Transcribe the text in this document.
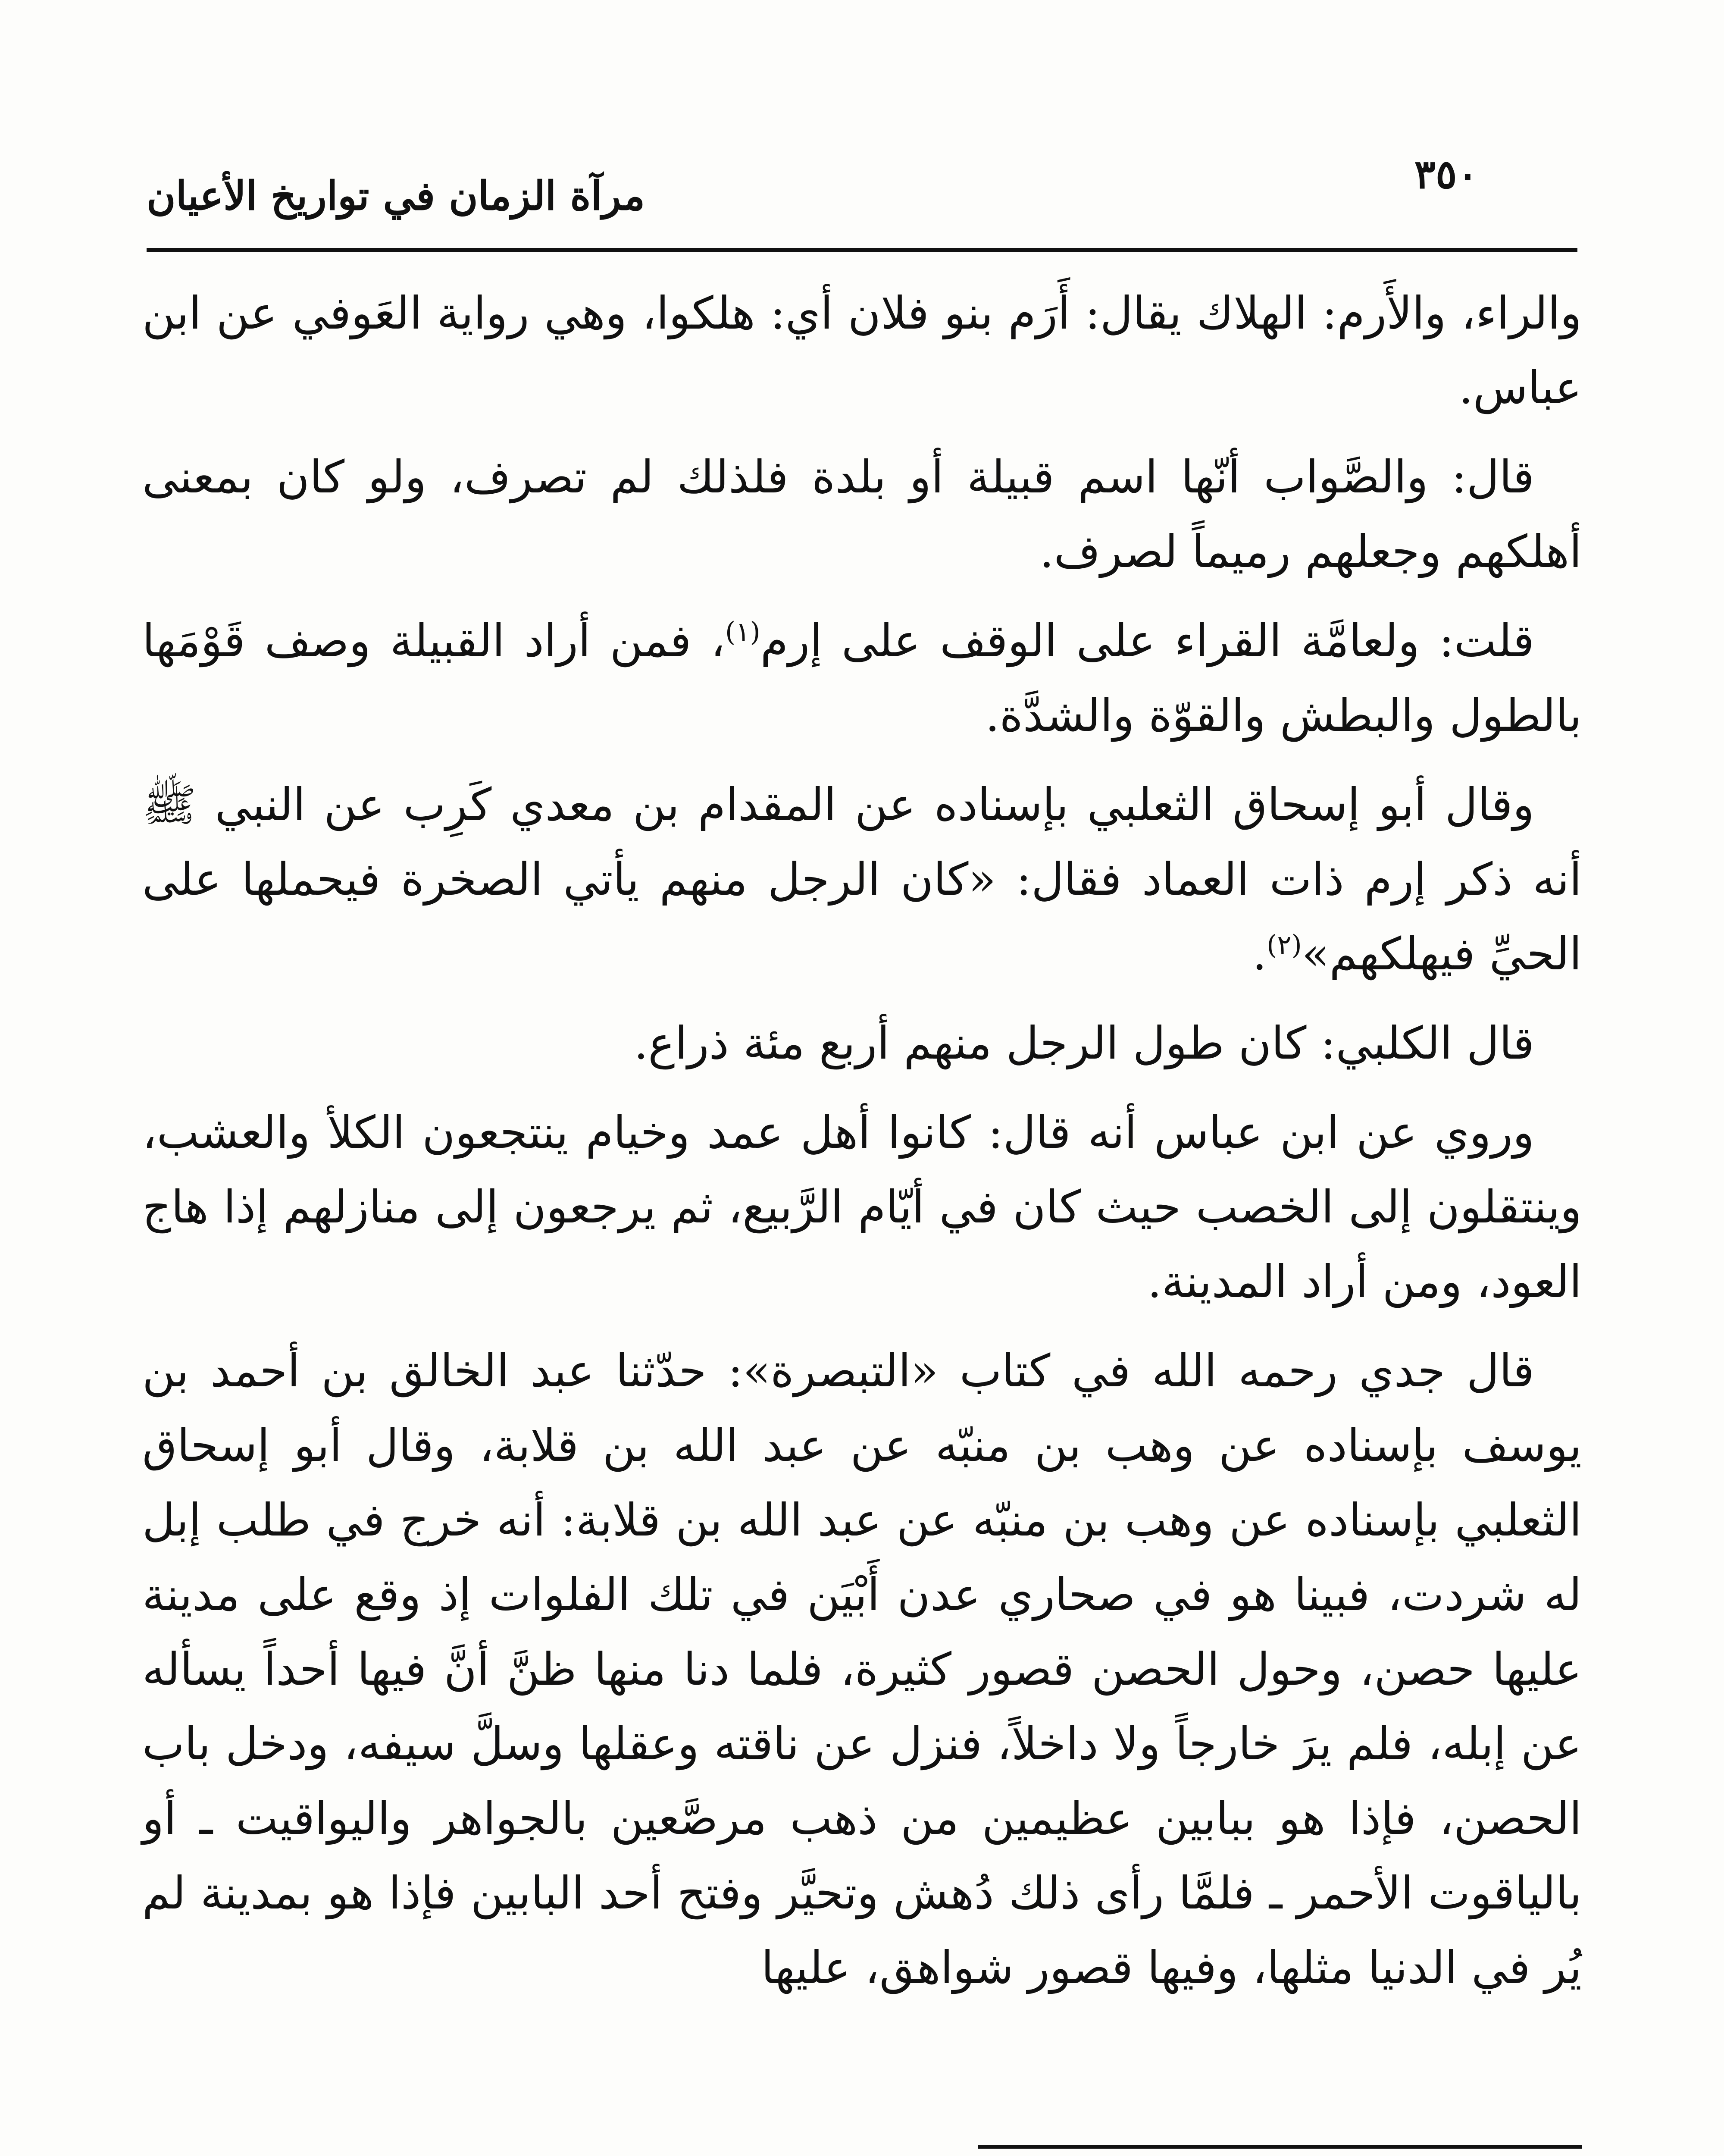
٣٥٠
مرآة الزمان في تواريخ الأعيان

والراء، والأَرم: الهلاك يقال: أَرَم بنو فلان أي: هلكوا، وهي رواية العَوفي عن ابن عباس.

قال: والصَّواب أنّها اسم قبيلة أو بلدة فلذلك لم تصرف، ولو كان بمعنى أهلكهم وجعلهم رميماً لصرف.

قلت: ولعامَّة القراء على الوقف على إرم$^{(١)}$، فمن أراد القبيلة وصف قَوْمَها بالطول والبطش والقوّة والشدَّة.

وقال أبو إسحاق الثعلبي بإسناده عن المقدام بن معدي كَرِب عن النبي ﷺ أنه ذكر إرم ذات العماد فقال: «كان الرجل منهم يأتي الصخرة فيحملها على الحيِّ فيهلكهم»$^{(٢)}$.

قال الكلبي: كان طول الرجل منهم أربع مئة ذراع.

وروي عن ابن عباس أنه قال: كانوا أهل عمد وخيام ينتجعون الكلأ والعشب، وينتقلون إلى الخصب حيث كان في أيّام الرَّبيع، ثم يرجعون إلى منازلهم إذا هاج العود، ومن أراد المدينة.

قال جدي رحمه الله في كتاب «التبصرة»: حدّثنا عبد الخالق بن أحمد بن يوسف بإسناده عن وهب بن منبّه عن عبد الله بن قلابة، وقال أبو إسحاق الثعلبي بإسناده عن وهب بن منبّه عن عبد الله بن قلابة: أنه خرج في طلب إبل له شردت، فبينا هو في صحاري عدن أَبْيَن في تلك الفلوات إذ وقع على مدينة عليها حصن، وحول الحصن قصور كثيرة، فلما دنا منها ظنَّ أنَّ فيها أحداً يسأله عن إبله، فلم يرَ خارجاً ولا داخلاً، فنزل عن ناقته وعقلها وسلَّ سيفه، ودخل باب الحصن، فإذا هو ببابين عظيمين من ذهب مرصَّعين بالجواهر واليواقيت ـ أو بالياقوت الأحمر ـ فلمَّا رأى ذلك دُهش وتحيَّر وفتح أحد البابين فإذا هو بمدينة لم يُر في الدنيا مثلها، وفيها قصور شواهق، عليها
